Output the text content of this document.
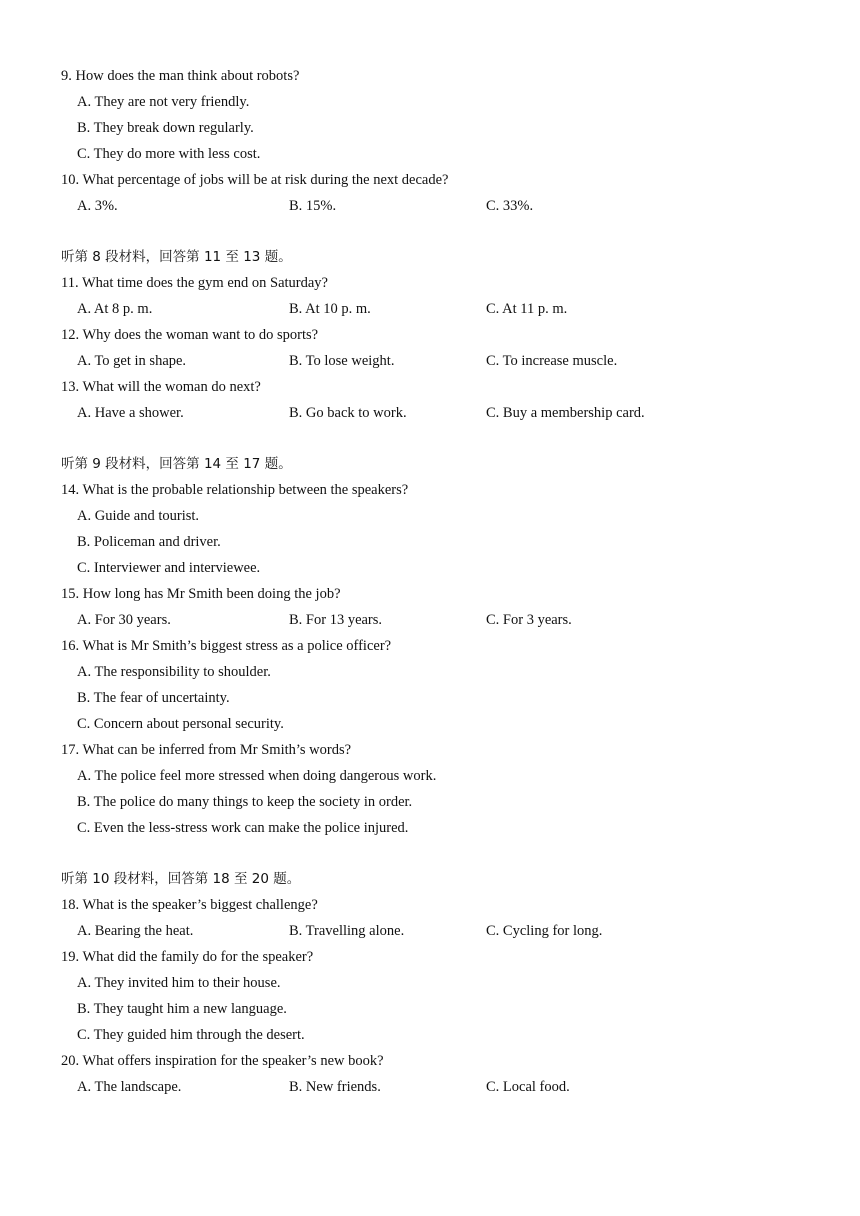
9. How does the man think about robots?
A. They are not very friendly.
B. They break down regularly.
C. They do more with less cost.
10. What percentage of jobs will be at risk during the next decade?
A. 3%.	B. 15%.	C. 33%.
听第 8 段材料，回答第 11 至 13 题。
11. What time does the gym end on Saturday?
A. At 8 p. m.	B. At 10 p. m.	C. At 11 p. m.
12. Why does the woman want to do sports?
A. To get in shape.	B. To lose weight.	C. To increase muscle.
13. What will the woman do next?
A. Have a shower.	B. Go back to work.	C. Buy a membership card.
听第 9 段材料，回答第 14 至 17 题。
14. What is the probable relationship between the speakers?
A. Guide and tourist.
B. Policeman and driver.
C. Interviewer and interviewee.
15. How long has Mr Smith been doing the job?
A. For 30 years.	B. For 13 years.	C. For 3 years.
16. What is Mr Smith’s biggest stress as a police officer?
A. The responsibility to shoulder.
B. The fear of uncertainty.
C. Concern about personal security.
17. What can be inferred from Mr Smith’s words?
A. The police feel more stressed when doing dangerous work.
B. The police do many things to keep the society in order.
C. Even the less-stress work can make the police injured.
听第 10 段材料，回答第 18 至 20 题。
18. What is the speaker’s biggest challenge?
A. Bearing the heat.	B. Travelling alone.	C. Cycling for long.
19. What did the family do for the speaker?
A. They invited him to their house.
B. They taught him a new language.
C. They guided him through the desert.
20. What offers inspiration for the speaker’s new book?
A. The landscape.	B. New friends.	C. Local food.
